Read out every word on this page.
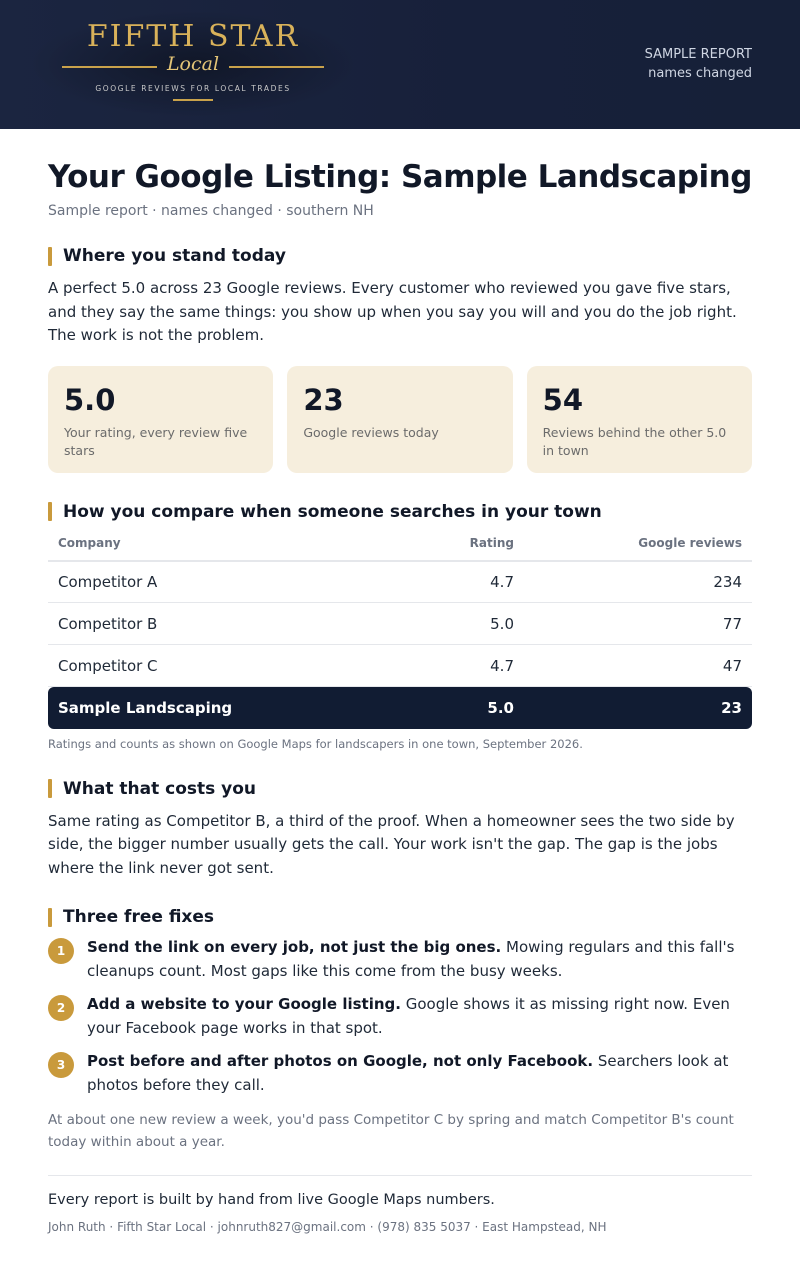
FIFTH STAR
Local
GOOGLE REVIEWS FOR LOCAL TRADES
SAMPLE REPORT
names changed
Your Google Listing: Sample Landscaping
Sample report · names changed · southern NH
Where you stand today

A perfect 5.0 across 23 Google reviews. Every customer who reviewed you gave five stars, and they say the same things: you show up when you say you will and you do the job right. The work is not the problem.

5.0
Your rating, every review five stars
23
Google reviews today
54
Reviews behind the other 5.0 in town
How you compare when someone searches in your town
Company	Rating	Google reviews
Competitor A	4.7	234
Competitor B	5.0	77
Competitor C	4.7	47
Sample Landscaping	5.0	23
Ratings and counts as shown on Google Maps for landscapers in one town, September 2026.
What that costs you

Same rating as Competitor B, a third of the proof. When a homeowner sees the two side by side, the bigger number usually gets the call. Your work isn't the gap. The gap is the jobs where the link never got sent.

Three free fixes
1	Send the link on every job, not just the big ones. Mowing regulars and this fall's cleanups count. Most gaps like this come from the busy weeks.
2	Add a website to your Google listing. Google shows it as missing right now. Even your Facebook page works in that spot.
3	Post before and after photos on Google, not only Facebook. Searchers look at photos before they call.

At about one new review a week, you'd pass Competitor C by spring and match Competitor B's count today within about a year.

Every report is built by hand from live Google Maps numbers.
John Ruth · Fifth Star Local · johnruth827@gmail.com · (978) 835 5037 · East Hampstead, NH
